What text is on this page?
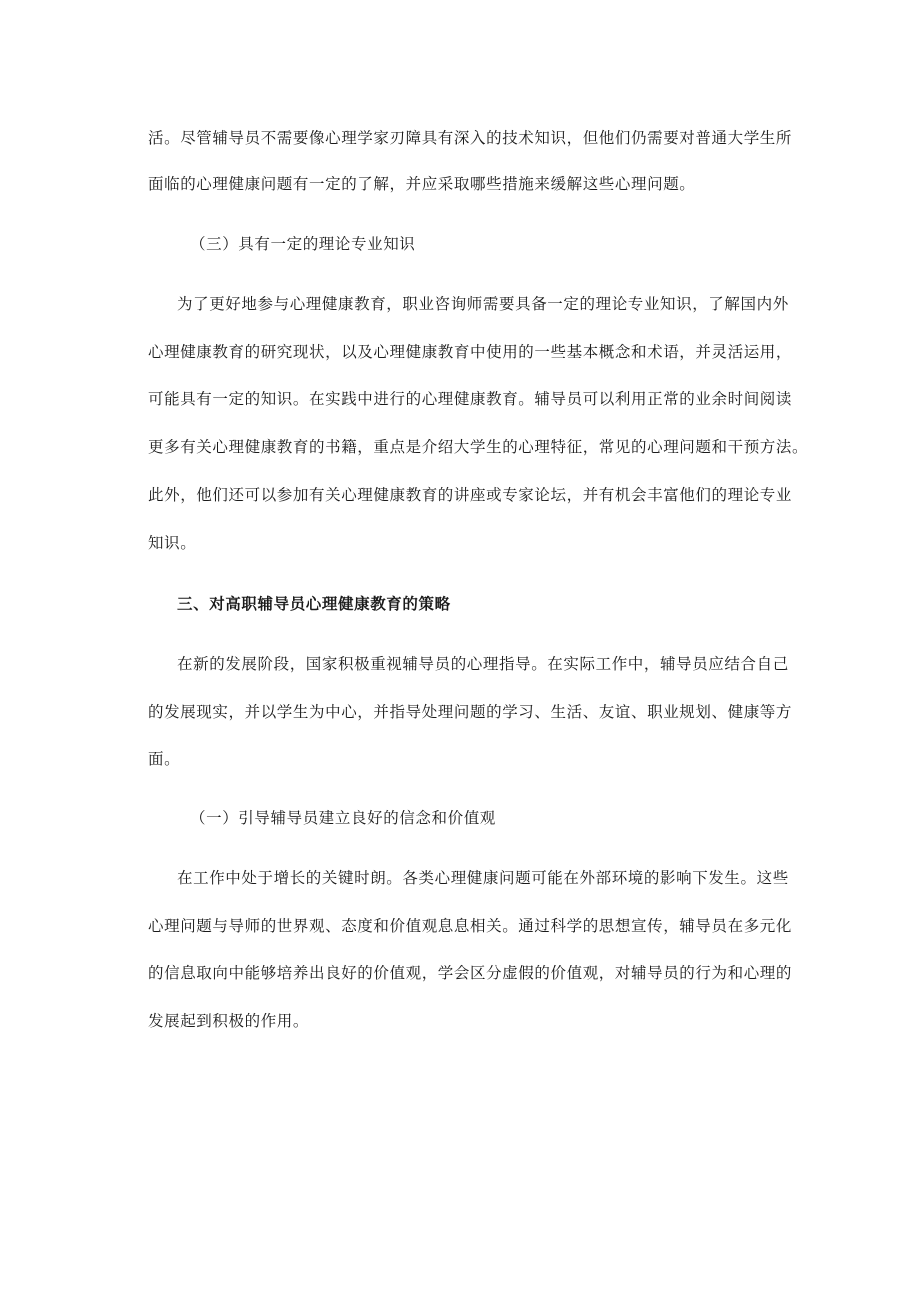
活。尽管辅导员不需要像心理学家刃障具有深入的技术知识，但他们仍需要对普通大学生所
面临的心理健康问题有一定的了解，并应采取哪些措施来缓解这些心理问题。
（三）具有一定的理论专业知识
为了更好地参与心理健康教育，职业咨询师需要具备一定的理论专业知识，了解国内外
心理健康教育的研究现状，以及心理健康教育中使用的一些基本概念和术语，并灵活运用，
可能具有一定的知识。在实践中进行的心理健康教育。辅导员可以利用正常的业余时间阅读
更多有关心理健康教育的书籍，重点是介绍大学生的心理特征，常见的心理问题和干预方法。
此外，他们还可以参加有关心理健康教育的讲座或专家论坛，并有机会丰富他们的理论专业
知识。
三、对高职辅导员心理健康教育的策略
在新的发展阶段，国家积极重视辅导员的心理指导。在实际工作中，辅导员应结合自己
的发展现实，并以学生为中心，并指导处理问题的学习、生活、友谊、职业规划、健康等方
面。
（一）引导辅导员建立良好的信念和价值观
在工作中处于增长的关键时朗。各类心理健康问题可能在外部环境的影响下发生。这些
心理问题与导师的世界观、态度和价值观息息相关。通过科学的思想宣传，辅导员在多元化
的信息取向中能够培养出良好的价值观，学会区分虚假的价值观，对辅导员的行为和心理的
发展起到积极的作用。
